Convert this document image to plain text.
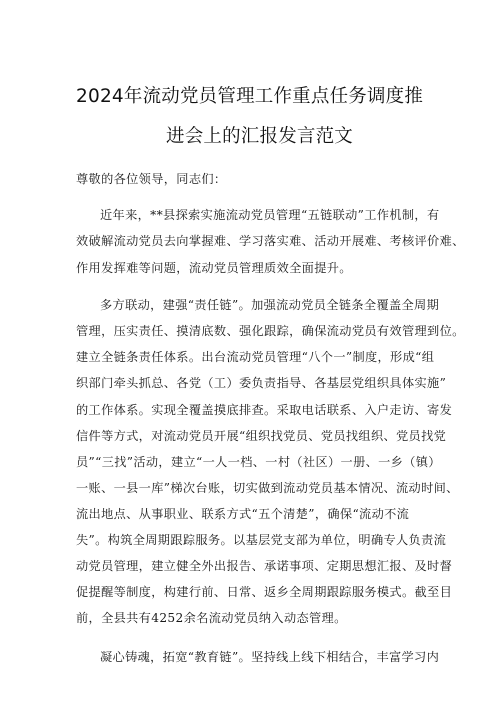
2024年流动党员管理工作重点任务调度推
进会上的汇报发言范文
尊敬的各位领导，同志们：
近年来，**县探索实施流动党员管理“五链联动”工作机制，有
效破解流动党员去向掌握难、学习落实难、活动开展难、考核评价难、
作用发挥难等问题，流动党员管理质效全面提升。
多方联动，建强“责任链”。加强流动党员全链条全覆盖全周期
管理，压实责任、摸清底数、强化跟踪，确保流动党员有效管理到位。
建立全链条责任体系。出台流动党员管理“八个一”制度，形成“组
织部门牵头抓总、各党（工）委负责指导、各基层党组织具体实施”
的工作体系。实现全覆盖摸底排查。采取电话联系、入户走访、寄发
信件等方式，对流动党员开展“组织找党员、党员找组织、党员找党
员”“三找”活动，建立“一人一档、一村（社区）一册、一乡（镇）
一账、一县一库”梯次台账，切实做到流动党员基本情况、流动时间、
流出地点、从事职业、联系方式“五个清楚”，确保“流动不流
失”。构筑全周期跟踪服务。以基层党支部为单位，明确专人负责流
动党员管理，建立健全外出报告、承诺事项、定期思想汇报、及时督
促提醒等制度，构建行前、日常、返乡全周期跟踪服务模式。截至目
前，全县共有4252余名流动党员纳入动态管理。
凝心铸魂，拓宽“教育链”。坚持线上线下相结合，丰富学习内
